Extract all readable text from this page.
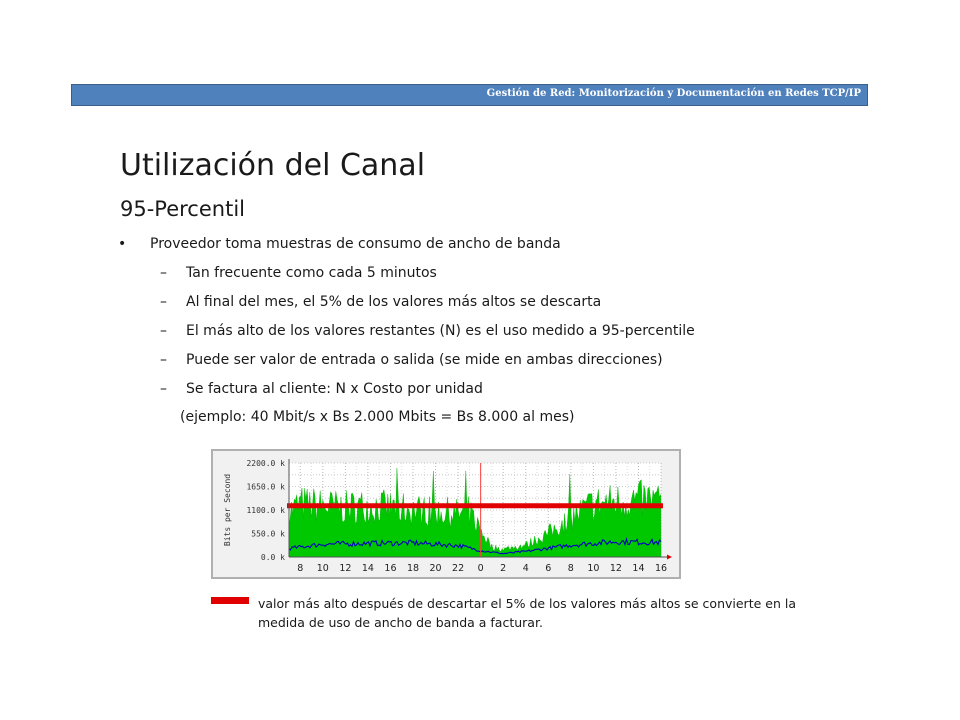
Gestión de Red: Monitorización y Documentación en Redes TCP/IP
Utilización del Canal
95-Percentil
• Proveedor toma muestras de consumo de ancho de banda
– Tan frecuente como cada 5 minutos
– Al final del mes, el 5% de los valores más altos se descarta
– El más alto de los valores restantes (N) es el uso medido a 95-percentile
– Puede ser valor de entrada o salida (se mide en ambas direcciones)
– Se factura al cliente: N x Costo por unidad
(ejemplo: 40 Mbit/s x Bs 2.000 Mbits = Bs 8.000 al mes)
2200.0 k
1650.0 k
1100.0 k
550.0 k
0.0 k
8 10 12 14 16 18 20 22 0 2 4 6 8 10 12 14 16
Bits per Second
valor más alto después de descartar el 5% de los valores más altos se convierte en la medida de uso de ancho de banda a facturar.
